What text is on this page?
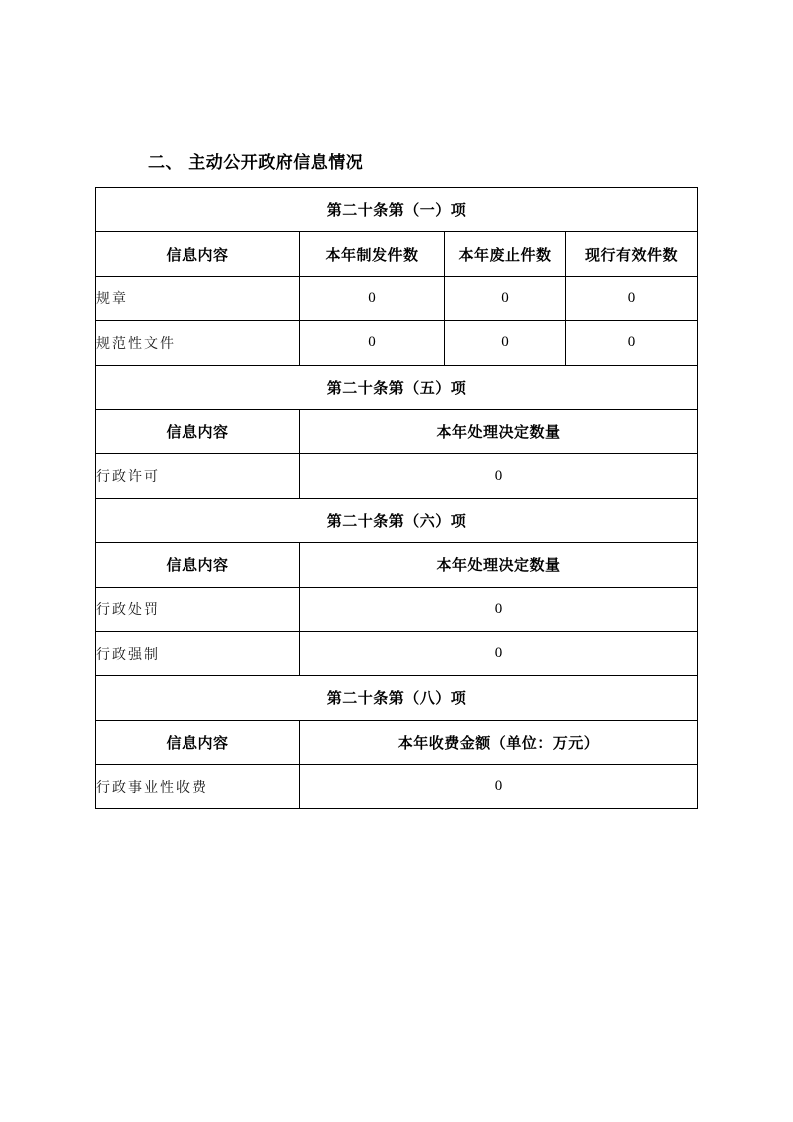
二、 主动公开政府信息情况
第二十条第（一）项			
信息内容	本年制发件数	本年废止件数	现行有效件数
规章	0	0	0
规范性文件	0	0	0
第二十条第（五）项			
信息内容	本年处理决定数量		
行政许可	0		
第二十条第（六）项			
信息内容	本年处理决定数量		
行政处罚	0		
行政强制	0		
第二十条第（八）项			
信息内容	本年收费金额（单位：万元）		
行政事业性收费	0		
